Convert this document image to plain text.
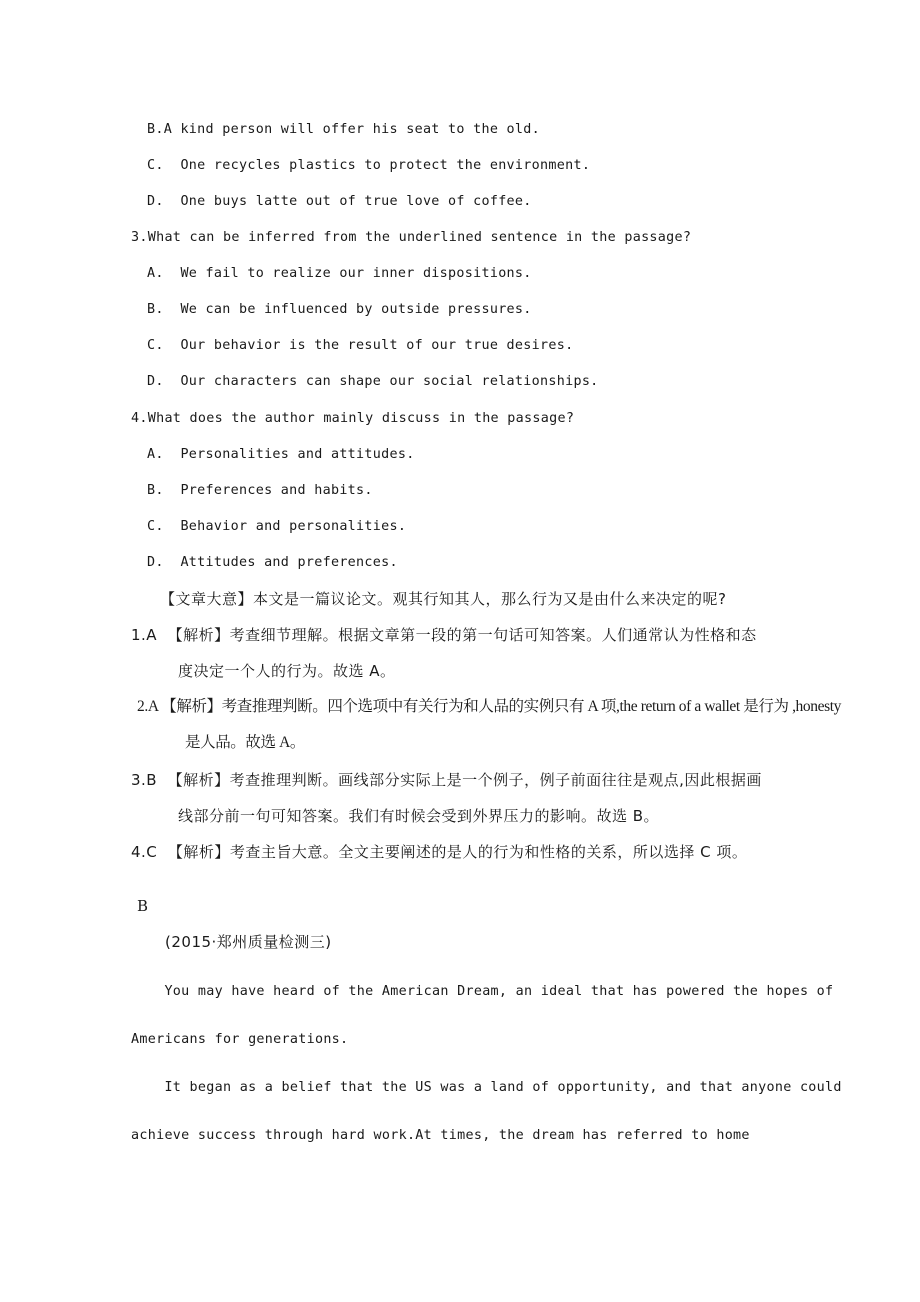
B.A kind person will offer his seat to the old.
C.  One recycles plastics to protect the environment.
D.  One buys latte out of true love of coffee.
3.What can be inferred from the underlined sentence in the passage?
A.  We fail to realize our inner dispositions.
B.  We can be influenced by outside pressures.
C.  Our behavior is the result of our true desires.
D.  Our characters can shape our social relationships.
4.What does the author mainly discuss in the passage?
A.  Personalities and attitudes.
B.  Preferences and habits.
C.  Behavior and personalities.
D.  Attitudes and preferences.
【文章大意】本文是一篇议论文。观其行知其人，那么行为又是由什么来决定的呢?
1.A  【解析】考查细节理解。根据文章第一段的第一句话可知答案。人们通常认为性格和态
度决定一个人的行为。故选 A。
2.A 【解析】考查推理判断。四个选项中有关行为和人品的实例只有 A 项,the return of a wallet 是行为 ,honesty
是人品。故选 A。
3.B  【解析】考查推理判断。画线部分实际上是一个例子，例子前面往往是观点,因此根据画
线部分前一句可知答案。我们有时候会受到外界压力的影响。故选 B。
4.C  【解析】考查主旨大意。全文主要阐述的是人的行为和性格的关系，所以选择 C 项。
B
(2015·郑州质量检测三)
You may have heard of the American Dream, an ideal that has powered the hopes of
Americans for generations.
It began as a belief that the US was a land of opportunity, and that anyone could
achieve success through hard work.At times, the dream has referred to home
